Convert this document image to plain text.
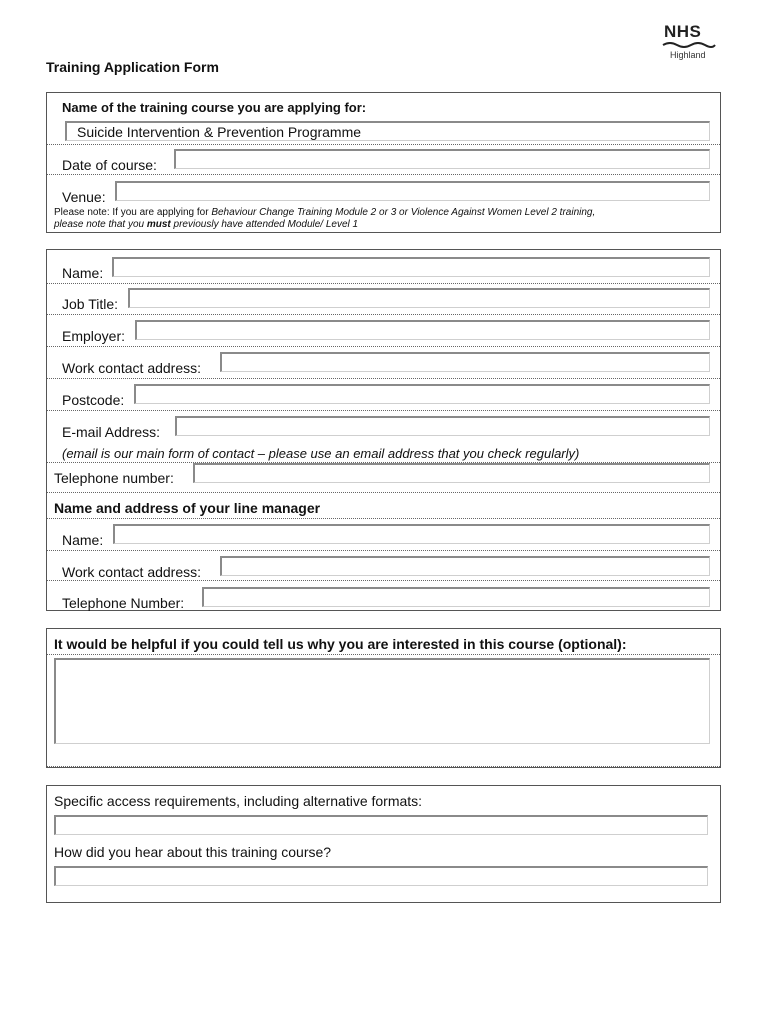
Training Application Form
NHS
Highland
Name of the training course you are applying for:
Suicide Intervention & Prevention Programme
Date of course:
Venue:
Please note: If you are applying for Behaviour Change Training Module 2 or 3 or Violence Against Women Level 2 training,
please note that you must previously have attended Module/ Level 1
Name:
Job Title:
Employer:
Work contact address:
Postcode:
E-mail Address:
(email is our main form of contact – please use an email address that you check regularly)
Telephone number:
Name and address of your line manager
Name:
Work contact address:
Telephone Number:
It would be helpful if you could tell us why you are interested in this course (optional):
Specific access requirements, including alternative formats:
How did you hear about this training course?
